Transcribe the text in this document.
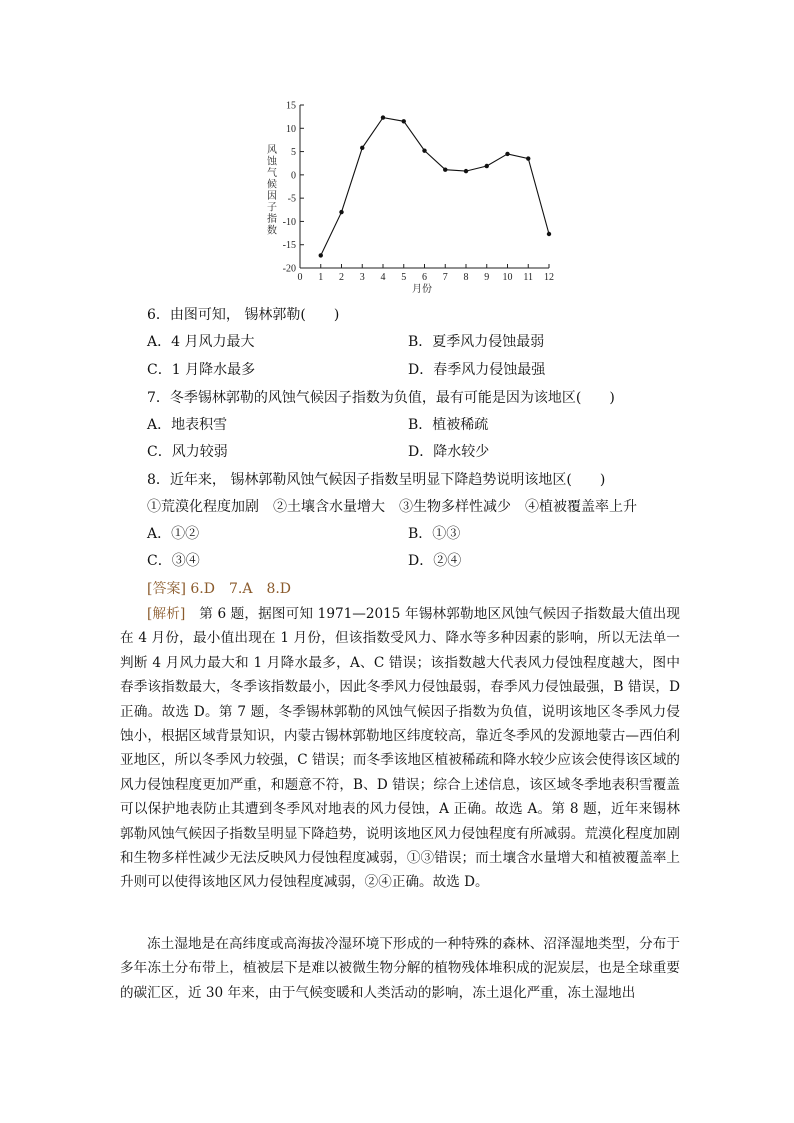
风
蚀
气
候
因
子
指
数
15
10
5
0
-5
-10
-15
-20
0 1 2 3 4 5 6 7 8 9 10 11 12
月份
6．由图可知， 锡林郭勒(　　)
A．4 月风力最大	B．夏季风力侵蚀最弱
C．1 月降水最多	D．春季风力侵蚀最强
7．冬季锡林郭勒的风蚀气候因子指数为负值，最有可能是因为该地区(　　)
A．地表积雪	B．植被稀疏
C．风力较弱	D．降水较少
8．近年来， 锡林郭勒风蚀气候因子指数呈明显下降趋势说明该地区(　　)
①荒漠化程度加剧　②土壤含水量增大　③生物多样性减少　④植被覆盖率上升
A．①②	B．①③
C．③④	D．②④
[答案] 6.D　7.A　8.D
[解析]　第 6 题，据图可知 1971—2015 年锡林郭勒地区风蚀气候因子指数最大值出现在 4 月份，最小值出现在 1 月份，但该指数受风力、降水等多种因素的影响，所以无法单一判断 4 月风力最大和 1 月降水最多，A、C 错误；该指数越大代表风力侵蚀程度越大，图中春季该指数最大，冬季该指数最小，因此冬季风力侵蚀最弱，春季风力侵蚀最强，B 错误，D 正确。故选 D。第 7 题，冬季锡林郭勒的风蚀气候因子指数为负值，说明该地区冬季风力侵蚀小，根据区域背景知识，内蒙古锡林郭勒地区纬度较高，靠近冬季风的发源地蒙古—西伯利亚地区，所以冬季风力较强，C 错误；而冬季该地区植被稀疏和降水较少应该会使得该区域的风力侵蚀程度更加严重，和题意不符，B、D 错误；综合上述信息，该区域冬季地表积雪覆盖可以保护地表防止其遭到冬季风对地表的风力侵蚀，A 正确。故选 A。第 8 题，近年来锡林郭勒风蚀气候因子指数呈明显下降趋势，说明该地区风力侵蚀程度有所减弱。荒漠化程度加剧和生物多样性减少无法反映风力侵蚀程度减弱，①③错误；而土壤含水量增大和植被覆盖率上升则可以使得该地区风力侵蚀程度减弱，②④正确。故选 D。
冻土湿地是在高纬度或高海拔冷湿环境下形成的一种特殊的森林、沼泽湿地类型，分布于多年冻土分布带上，植被层下是难以被微生物分解的植物残体堆积成的泥炭层，也是全球重要的碳汇区，近 30 年来，由于气候变暖和人类活动的影响，冻土退化严重，冻土湿地出
